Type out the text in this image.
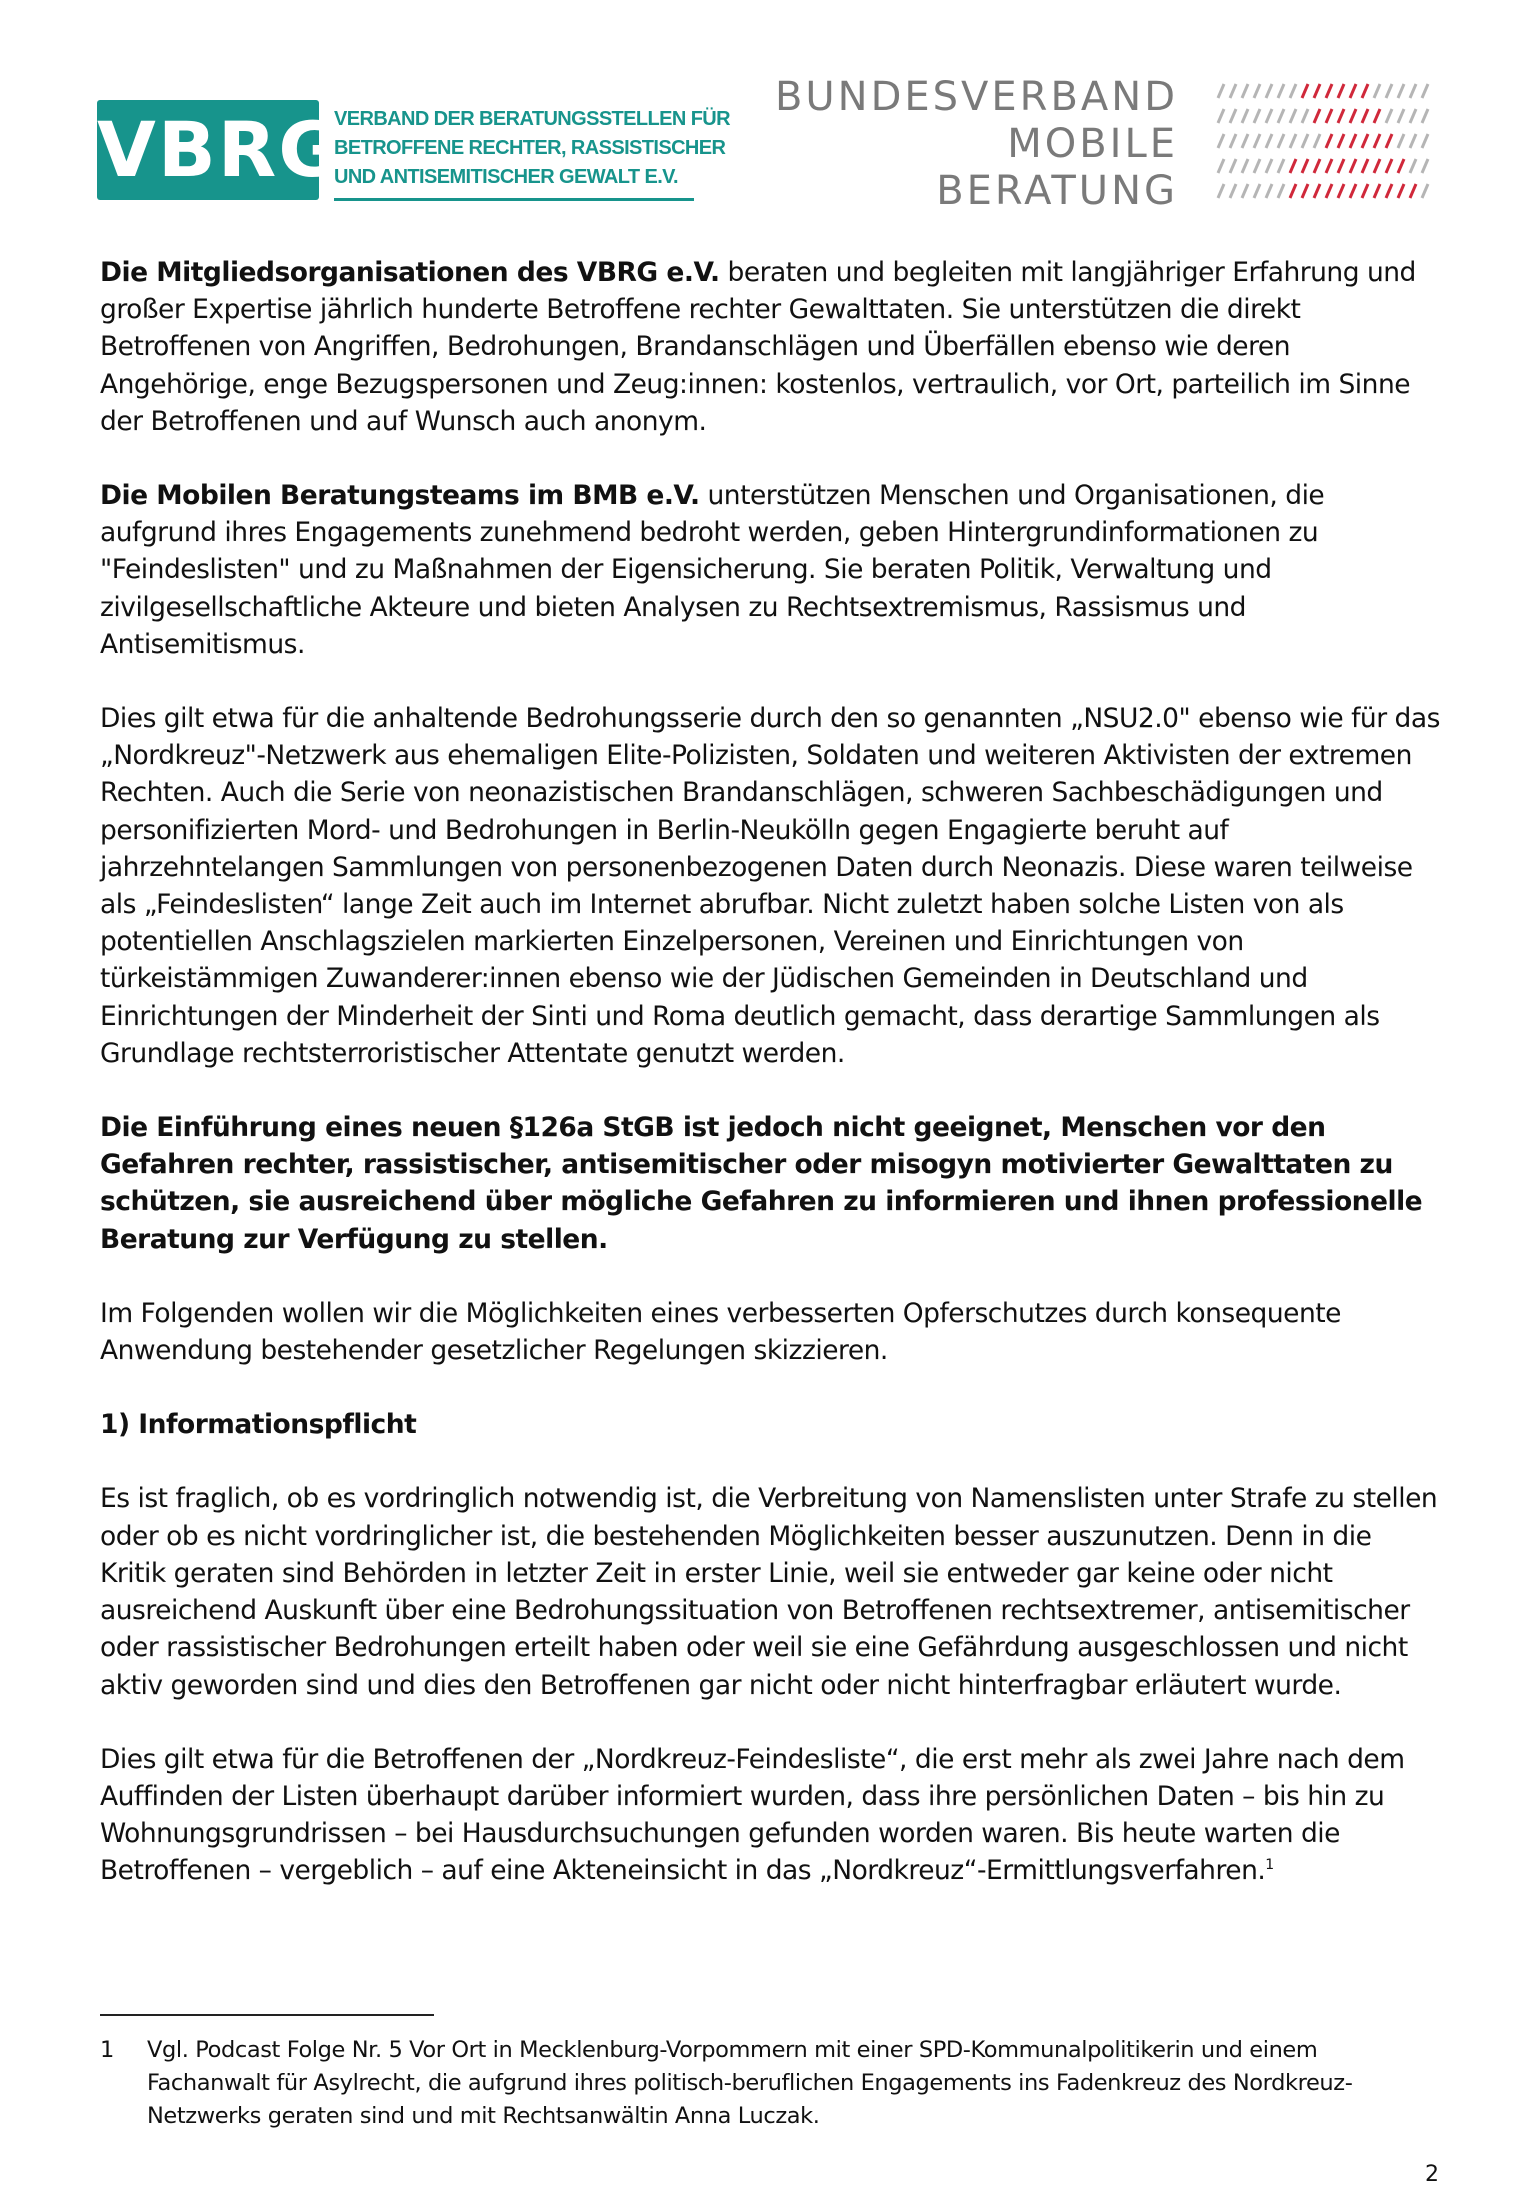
VBRG
VERBAND DER BERATUNGSSTELLEN FÜR
BETROFFENE RECHTER, RASSISTISCHER
UND ANTISEMITISCHER GEWALT E.V.
BUNDESVERBAND
MOBILE
BERATUNG

Die Mitgliedsorganisationen des VBRG e.V. beraten und begleiten mit langjähriger Erfahrung und großer Expertise jährlich hunderte Betroffene rechter Gewalttaten. Sie unterstützen die direkt Betroffenen von Angriffen, Bedrohungen, Brandanschlägen und Überfällen ebenso wie deren Angehörige, enge Bezugspersonen und Zeug:innen: kostenlos, vertraulich, vor Ort, parteilich im Sinne der Betroffenen und auf Wunsch auch anonym.

Die Mobilen Beratungsteams im BMB e.V. unterstützen Menschen und Organisationen, die aufgrund ihres Engagements zunehmend bedroht werden, geben Hintergrundinformationen zu "Feindeslisten" und zu Maßnahmen der Eigensicherung. Sie beraten Politik, Verwaltung und zivilgesellschaftliche Akteure und bieten Analysen zu Rechtsextremismus, Rassismus und Antisemitismus.

Dies gilt etwa für die anhaltende Bedrohungsserie durch den so genannten „NSU2.0" ebenso wie für das „Nordkreuz"-Netzwerk aus ehemaligen Elite-Polizisten, Soldaten und weiteren Aktivisten der extremen Rechten. Auch die Serie von neonazistischen Brandanschlägen, schweren Sachbeschädigungen und personifizierten Mord- und Bedrohungen in Berlin-Neukölln gegen Engagierte beruht auf jahrzehntelangen Sammlungen von personenbezogenen Daten durch Neonazis. Diese waren teilweise als „Feindeslisten“ lange Zeit auch im Internet abrufbar. Nicht zuletzt haben solche Listen von als potentiellen Anschlagszielen markierten Einzelpersonen, Vereinen und Einrichtungen von türkeistämmigen Zuwanderer:innen ebenso wie der Jüdischen Gemeinden in Deutschland und Einrichtungen der Minderheit der Sinti und Roma deutlich gemacht, dass derartige Sammlungen als Grundlage rechtsterroristischer Attentate genutzt werden.

Die Einführung eines neuen §126a StGB ist jedoch nicht geeignet, Menschen vor den Gefahren rechter, rassistischer, antisemitischer oder misogyn motivierter Gewalttaten zu schützen, sie ausreichend über mögliche Gefahren zu informieren und ihnen professionelle Beratung zur Verfügung zu stellen.

Im Folgenden wollen wir die Möglichkeiten eines verbesserten Opferschutzes durch konsequente Anwendung bestehender gesetzlicher Regelungen skizzieren.

1) Informationspflicht

Es ist fraglich, ob es vordringlich notwendig ist, die Verbreitung von Namenslisten unter Strafe zu stellen oder ob es nicht vordringlicher ist, die bestehenden Möglichkeiten besser auszunutzen. Denn in die Kritik geraten sind Behörden in letzter Zeit in erster Linie, weil sie entweder gar keine oder nicht ausreichend Auskunft über eine Bedrohungssituation von Betroffenen rechtsextremer, antisemitischer oder rassistischer Bedrohungen erteilt haben oder weil sie eine Gefährdung ausgeschlossen und nicht aktiv geworden sind und dies den Betroffenen gar nicht oder nicht hinterfragbar erläutert wurde.

Dies gilt etwa für die Betroffenen der „Nordkreuz-Feindesliste“, die erst mehr als zwei Jahre nach dem Auffinden der Listen überhaupt darüber informiert wurden, dass ihre persönlichen Daten – bis hin zu Wohnungsgrundrissen – bei Hausdurchsuchungen gefunden worden waren. Bis heute warten die Betroffenen – vergeblich – auf eine Akteneinsicht in das „Nordkreuz“-Ermittlungsverfahren.$^1$

1 Vgl. Podcast Folge Nr. 5 Vor Ort in Mecklenburg-Vorpommern mit einer SPD-Kommunalpolitikerin und einem Fachanwalt für Asylrecht, die aufgrund ihres politisch-beruflichen Engagements ins Fadenkreuz des Nordkreuz-Netzwerks geraten sind und mit Rechtsanwältin Anna Luczak.
2
